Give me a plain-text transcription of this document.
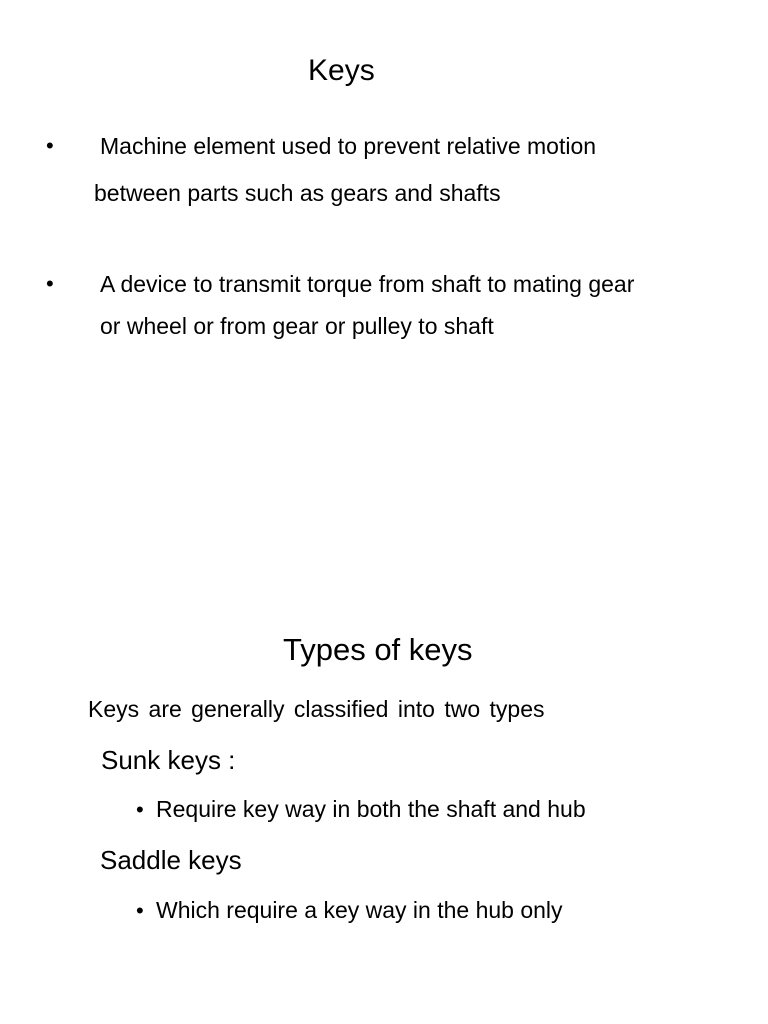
Keys
• Machine element used to prevent relative motion
between parts such as gears and shafts
• A device to transmit torque from shaft to mating gear
or wheel or from gear or pulley to shaft
Types of keys
Keys are generally classified into two types
Sunk keys :
• Require key way in both the shaft and hub
Saddle keys
• Which require a key way in the hub only
